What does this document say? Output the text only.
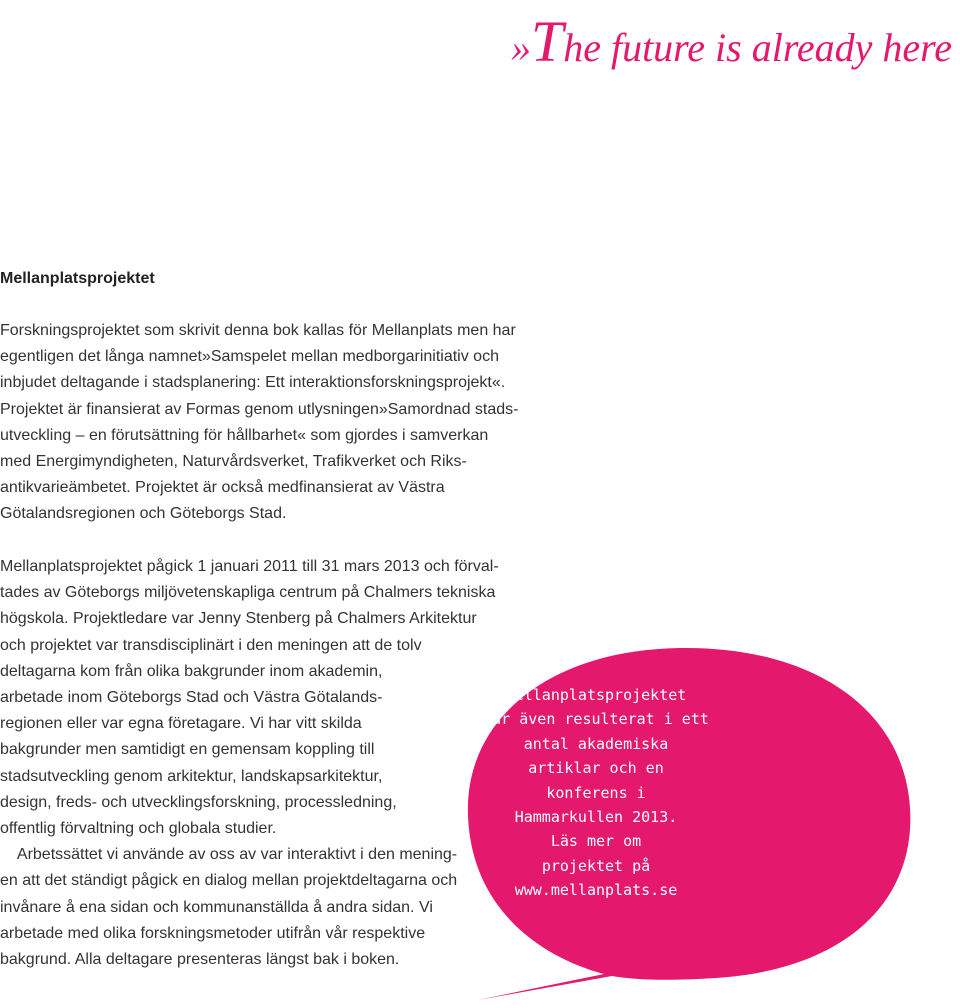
»The future is already here
Mellanplatsprojektet
Forskningsprojektet som skrivit denna bok kallas för Mellanplats men har
egentligen det långa namnet»Samspelet mellan medborgarinitiativ och
inbjudet deltagande i stadsplanering: Ett interaktionsforskningsprojekt«.
Projektet är finansierat av Formas genom utlysningen»Samordnad stads-
utveckling – en förutsättning för hållbarhet« som gjordes i samverkan
med Energimyndigheten, Naturvårdsverket, Trafikverket och Riks-
antikvarieämbetet. Projektet är också medfinansierat av Västra
Götalandsregionen och Göteborgs Stad.
Mellanplatsprojektet pågick 1 januari 2011 till 31 mars 2013 och förval-
tades av Göteborgs miljövetenskapliga centrum på Chalmers tekniska
högskola. Projektledare var Jenny Stenberg på Chalmers Arkitektur
och projektet var transdisciplinärt i den meningen att de tolv
deltagarna kom från olika bakgrunder inom akademin,
arbetade inom Göteborgs Stad och Västra Götalands-
regionen eller var egna företagare. Vi har vitt skilda
bakgrunder men samtidigt en gemensam koppling till
stadsutveckling genom arkitektur, landskapsarkitektur,
design, freds- och utvecklingsforskning, processledning,
offentlig förvaltning och globala studier.
Arbetssättet vi använde av oss av var interaktivt i den mening-
en att det ständigt pågick en dialog mellan projektdeltagarna och
invånare å ena sidan och kommunanställda å andra sidan. Vi
arbetade med olika forskningsmetoder utifrån vår respektive
bakgrund. Alla deltagare presenteras längst bak i boken.
Mellanplatsprojektet
har även resulterat i ett
antal akademiska
artiklar och en
konferens i
Hammarkullen 2013.
Läs mer om
projektet på
www.mellanplats.se
